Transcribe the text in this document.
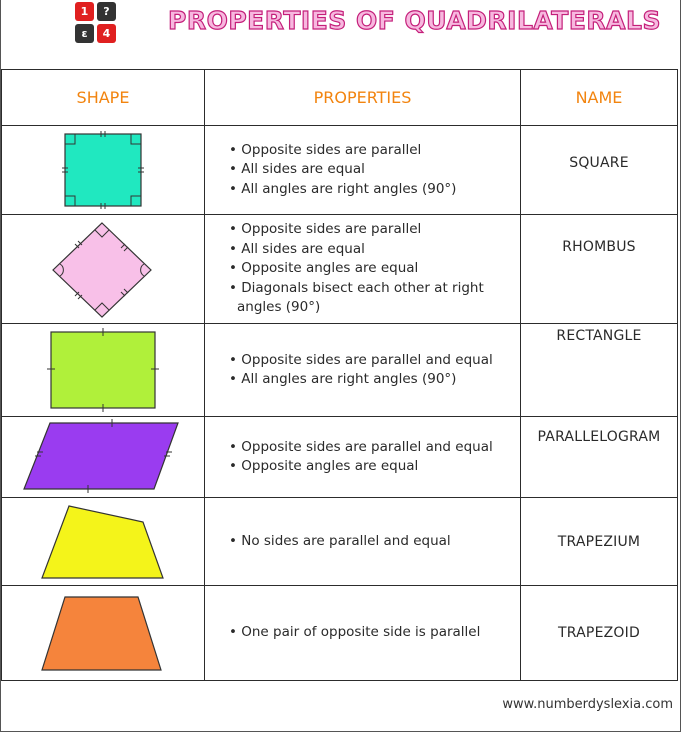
1	?
ε	4 PROPERTIES OF QUADRILATERALS
SHAPE	PROPERTIES	NAME

• Opposite sides are parallel
• All sides are equal
• All angles are right angles (90°)	SQUARE

• Opposite sides are parallel
• All sides are equal
• Opposite angles are equal
• Diagonals bisect each other at right angles (90°)	RHOMBUS

• Opposite sides are parallel and equal
• All angles are right angles (90°)	RECTANGLE

• Opposite sides are parallel and equal
• Opposite angles are equal	PARALLELOGRAM

• No sides are parallel and equal	TRAPEZIUM

• One pair of opposite side is parallel	TRAPEZOID
www.numberdyslexia.com
